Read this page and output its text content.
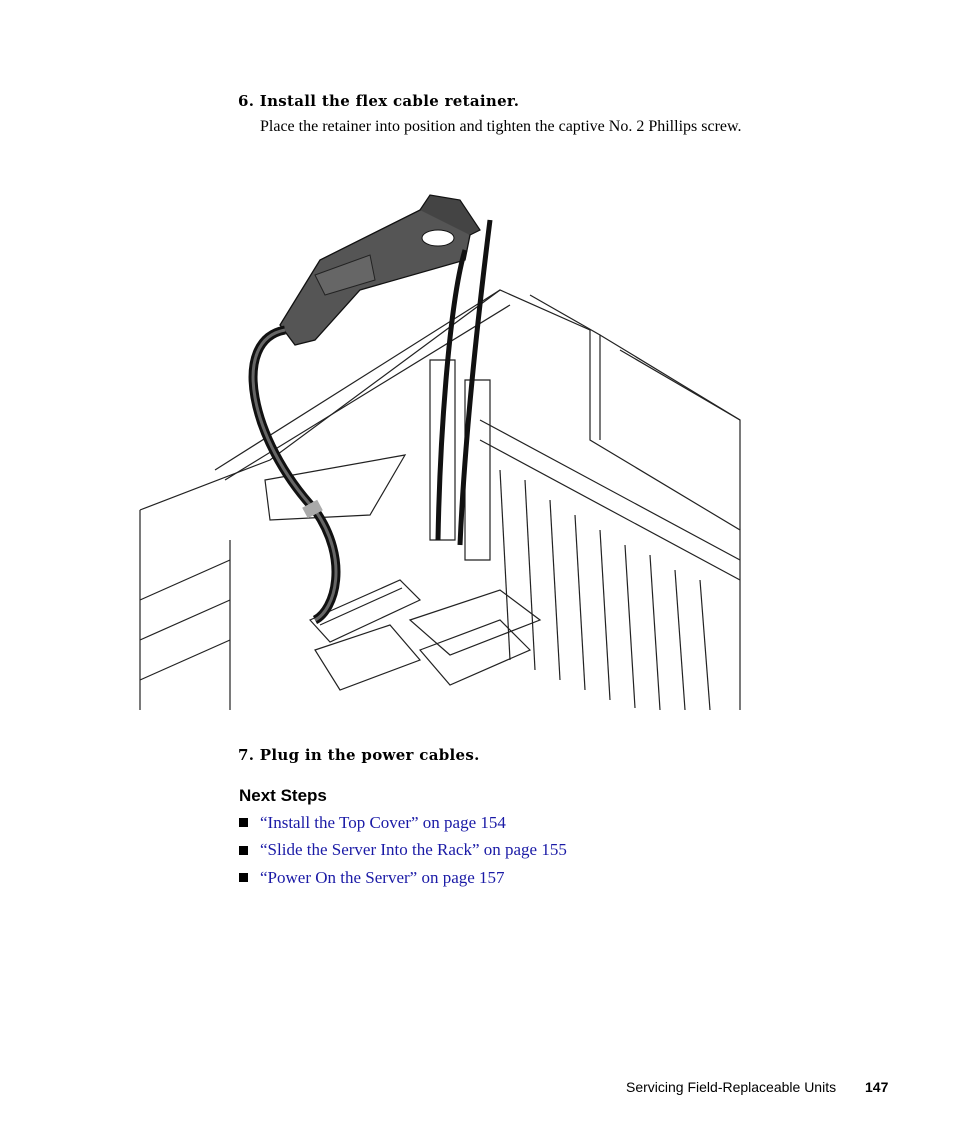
6. Install the flex cable retainer.
Place the retainer into position and tighten the captive No. 2 Phillips screw.
7. Plug in the power cables.
Next Steps
“Install the Top Cover” on page 154
“Slide the Server Into the Rack” on page 155
“Power On the Server” on page 157
Servicing Field-Replaceable Units 147
